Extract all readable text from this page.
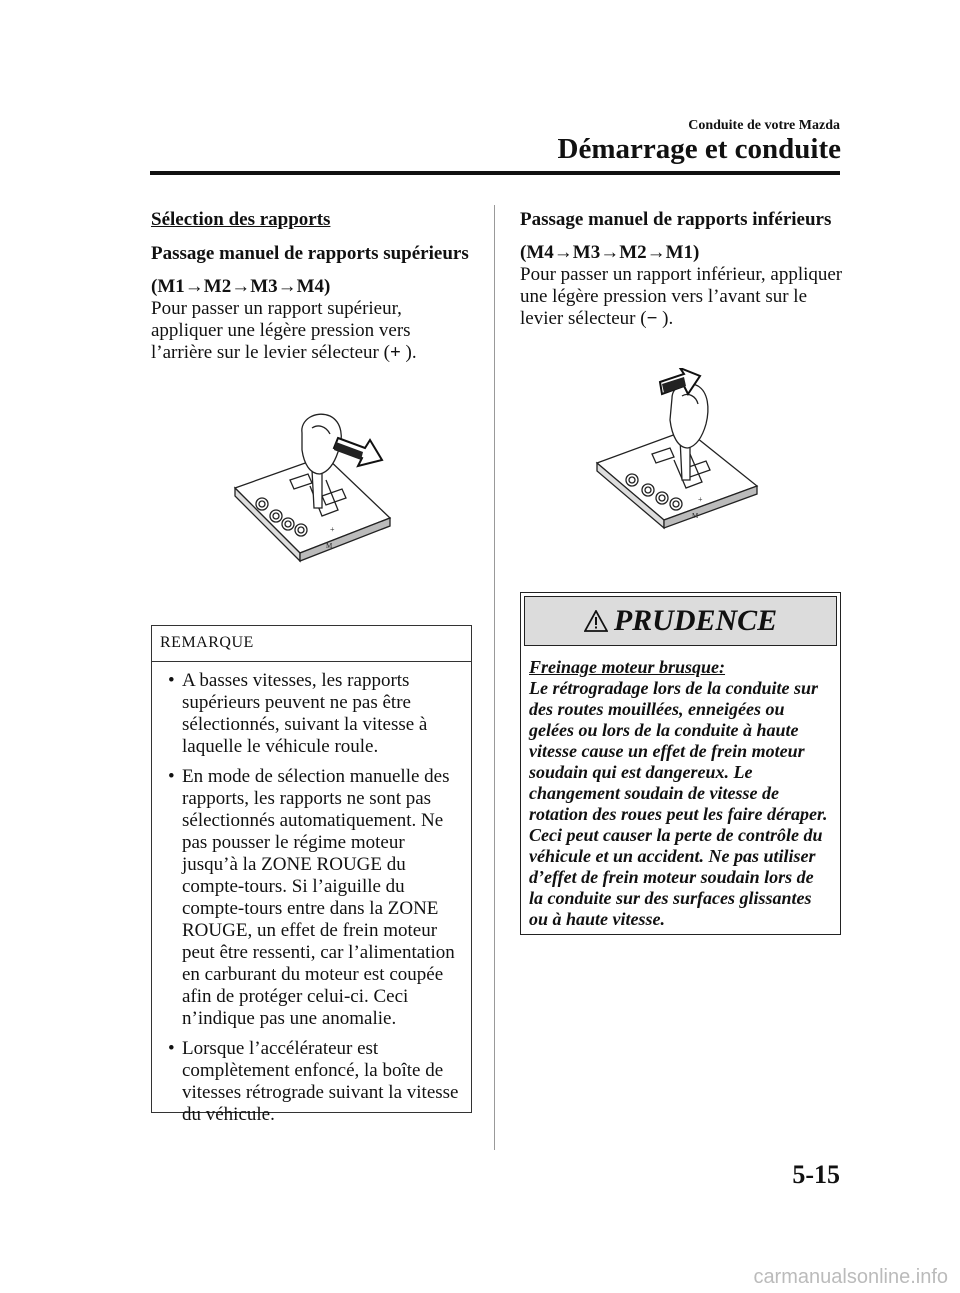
Conduite de votre Mazda
Démarrage et conduite

Sélection des rapports

Passage manuel de rapports supérieurs

(M1→M2→M3→M4)

Pour passer un rapport supérieur, appliquer une légère pression vers l’arrière sur le levier sélecteur (+ ).

+
M
REMARQUE
• A basses vitesses, les rapports supérieurs peuvent ne pas être sélectionnés, suivant la vitesse à laquelle le véhicule roule.
• En mode de sélection manuelle des rapports, les rapports ne sont pas sélectionnés automatiquement. Ne pas pousser le régime moteur jusqu’à la ZONE ROUGE du compte-tours. Si l’aiguille du compte-tours entre dans la ZONE ROUGE, un effet de frein moteur peut être ressenti, car l’alimentation en carburant du moteur est coupée afin de protéger celui-ci. Ceci n’indique pas une anomalie.
• Lorsque l’accélérateur est complètement enfoncé, la boîte de vitesses rétrograde suivant la vitesse du véhicule.

Passage manuel de rapports inférieurs

(M4→M3→M2→M1)

Pour passer un rapport inférieur, appliquer une légère pression vers l’avant sur le levier sélecteur (− ).

+
M
PRUDENCE
Freinage moteur brusque:
Le rétrogradage lors de la conduite sur des routes mouillées, enneigées ou gelées ou lors de la conduite à haute vitesse cause un effet de frein moteur soudain qui est dangereux. Le changement soudain de vitesse de rotation des roues peut les faire déraper. Ceci peut causer la perte de contrôle du véhicule et un accident. Ne pas utiliser d’effet de frein moteur soudain lors de la conduite sur des surfaces glissantes ou à haute vitesse.
5-15
carmanualsonline.info
